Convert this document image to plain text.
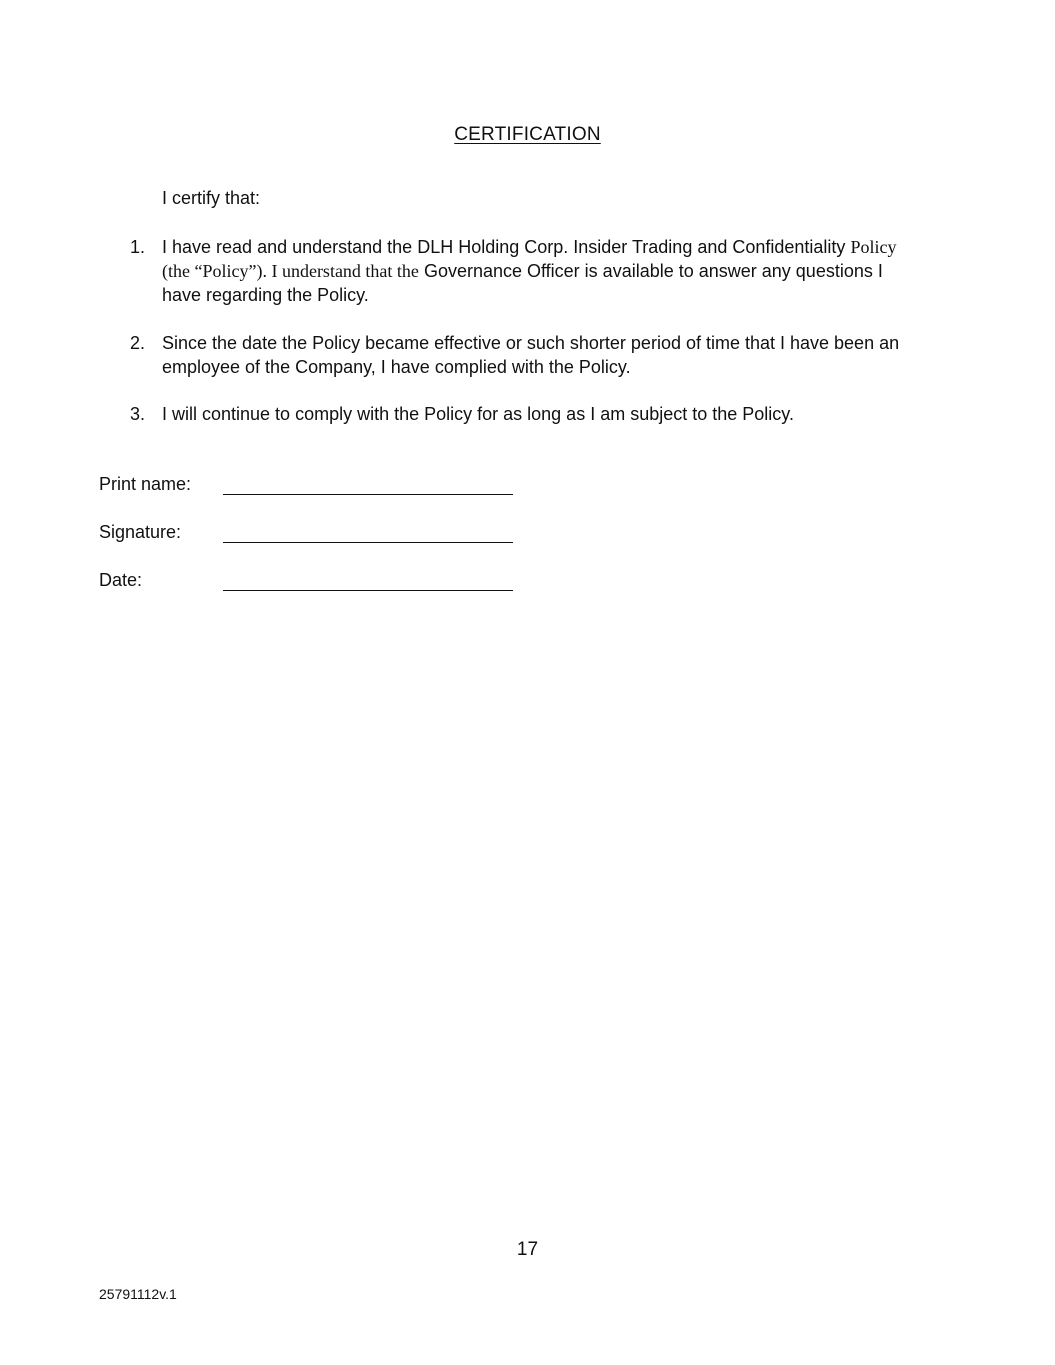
CERTIFICATION
I certify that:
1. I have read and understand the DLH Holding Corp. Insider Trading and Confidentiality Policy (the “Policy”). I understand that the Governance Officer is available to answer any questions I have regarding the Policy.
2. Since the date the Policy became effective or such shorter period of time that I have been an employee of the Company, I have complied with the Policy.
3. I will continue to comply with the Policy for as long as I am subject to the Policy.
Print name:
Signature:
Date:
17
25791112v.1
